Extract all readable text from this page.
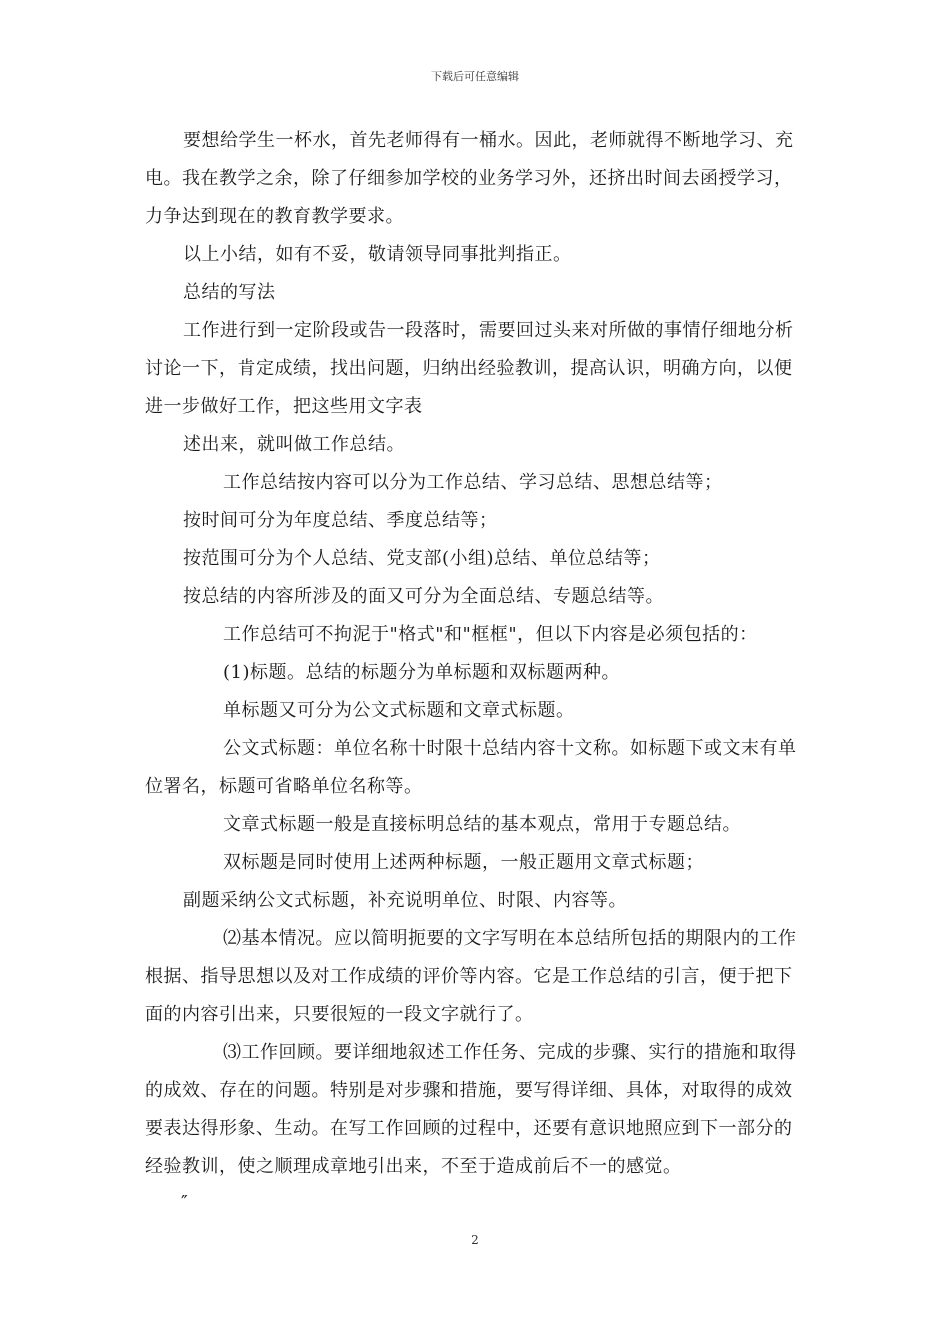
下载后可任意编辑

要想给学生一杯水，首先老师得有一桶水。因此，老师就得不断地学习、充电。我在教学之余，除了仔细参加学校的业务学习外，还挤出时间去函授学习，力争达到现在的教育教学要求。

以上小结，如有不妥，敬请领导同事批判指正。

总结的写法

工作进行到一定阶段或告一段落时，需要回过头来对所做的事情仔细地分析讨论一下，肯定成绩，找出问题，归纳出经验教训，提高认识，明确方向，以便进一步做好工作，把这些用文字表

述出来，就叫做工作总结。

工作总结按内容可以分为工作总结、学习总结、思想总结等；

按时间可分为年度总结、季度总结等；

按范围可分为个人总结、党支部(小组)总结、单位总结等；

按总结的内容所涉及的面又可分为全面总结、专题总结等。

工作总结可不拘泥于"格式"和"框框"，但以下内容是必须包括的：

(1)标题。总结的标题分为单标题和双标题两种。

单标题又可分为公文式标题和文章式标题。

公文式标题：单位名称十时限十总结内容十文称。如标题下或文末有单位署名，标题可省略单位名称等。

文章式标题一般是直接标明总结的基本观点，常用于专题总结。

双标题是同时使用上述两种标题，一般正题用文章式标题；

副题采纳公文式标题，补充说明单位、时限、内容等。

⑵基本情况。应以简明扼要的文字写明在本总结所包括的期限内的工作根据、指导思想以及对工作成绩的评价等内容。它是工作总结的引言，便于把下面的内容引出来，只要很短的一段文字就行了。

⑶工作回顾。要详细地叙述工作任务、完成的步骤、实行的措施和取得的成效、存在的问题。特别是对步骤和措施，要写得详细、具体，对取得的成效要表达得形象、生动。在写工作回顾的过程中，还要有意识地照应到下一部分的经验教训，使之顺理成章地引出来，不至于造成前后不一的感觉。

″
2
